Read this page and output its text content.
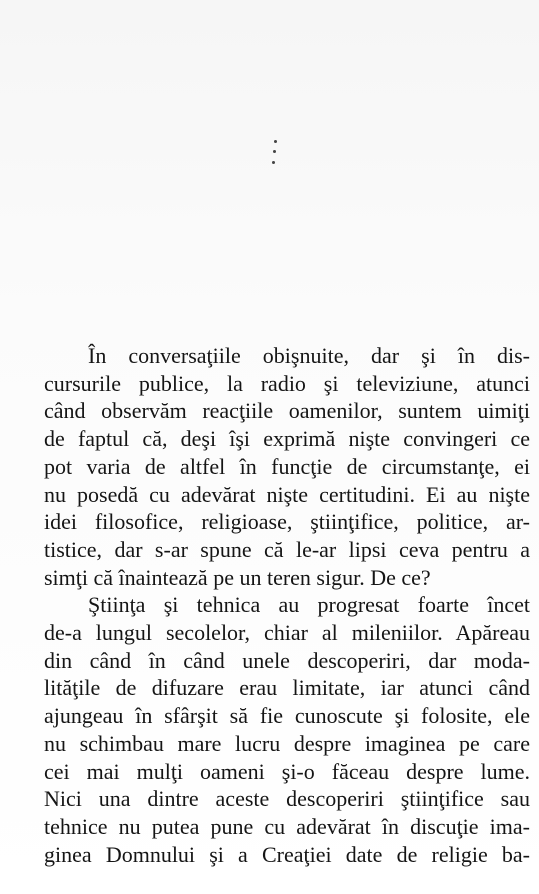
În conversaţiile obişnuite, dar şi în dis-
cursurile publice, la radio şi televiziune, atunci
când observăm reacţiile oamenilor, suntem uimiţi
de faptul că, deşi îşi exprimă nişte convingeri ce
pot varia de altfel în funcţie de circumstanţe, ei
nu posedă cu adevărat nişte certitudini. Ei au nişte
idei filosofice, religioase, ştiinţifice, politice, ar-
tistice, dar s-ar spune că le-ar lipsi ceva pentru a
simţi că înaintează pe un teren sigur. De ce?
Ştiinţa şi tehnica au progresat foarte încet
de-a lungul secolelor, chiar al mileniilor. Apăreau
din când în când unele descoperiri, dar moda-
lităţile de difuzare erau limitate, iar atunci când
ajungeau în sfârşit să fie cunoscute şi folosite, ele
nu schimbau mare lucru despre imaginea pe care
cei mai mulţi oameni şi-o făceau despre lume.
Nici una dintre aceste descoperiri ştiinţifice sau
tehnice nu putea pune cu adevărat în discuţie ima-
ginea Domnului şi a Creaţiei date de religie ba-
